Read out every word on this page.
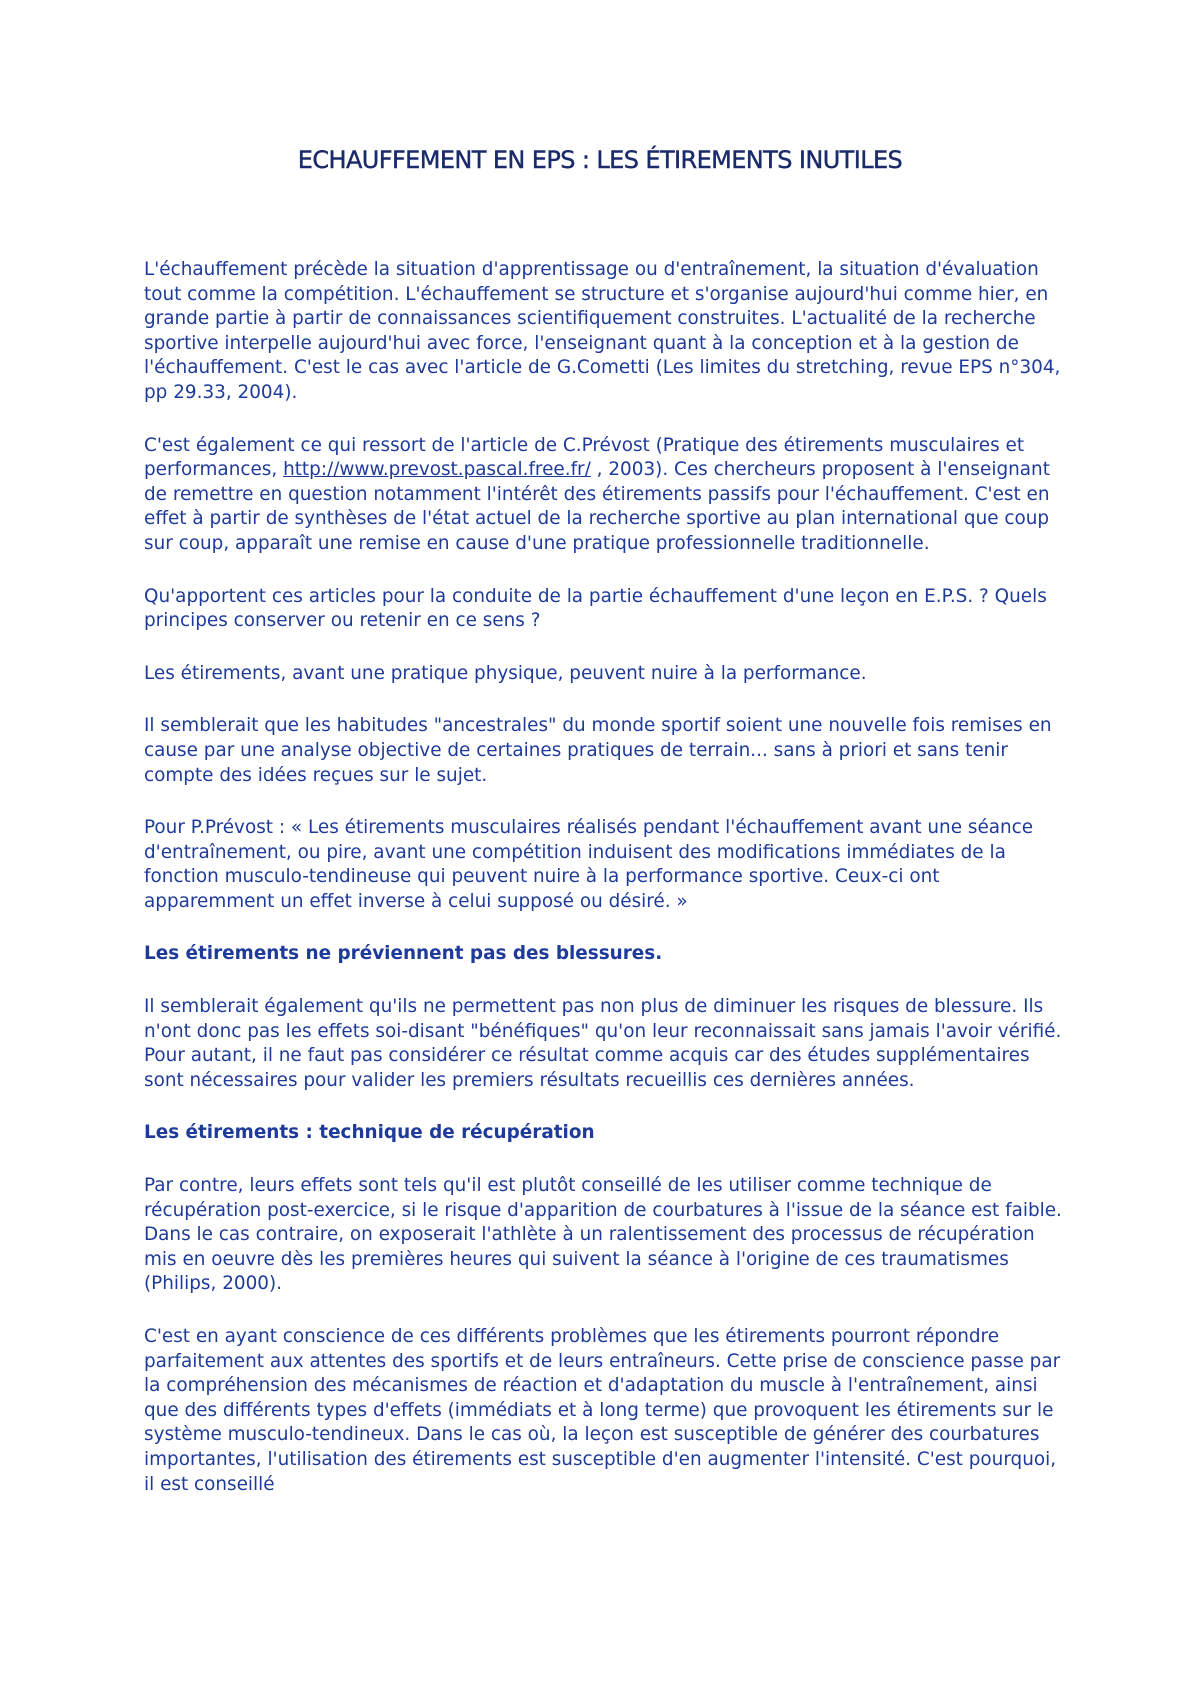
ECHAUFFEMENT EN EPS : LES ÉTIREMENTS INUTILES

L'échauffement précède la situation d'apprentissage ou d'entraînement, la situation d'évaluation tout comme la compétition. L'échauffement se structure et s'organise aujourd'hui comme hier, en grande partie à partir de connaissances scientifiquement construites. L'actualité de la recherche sportive interpelle aujourd'hui avec force, l'enseignant quant à la conception et à la gestion de l'échauffement. C'est le cas avec l'article de G.Cometti (Les limites du stretching, revue EPS n°304, pp 29.33, 2004).

C'est également ce qui ressort de l'article de C.Prévost (Pratique des étirements musculaires et performances, http://www.prevost.pascal.free.fr/ , 2003). Ces chercheurs proposent à l'enseignant de remettre en question notamment l'intérêt des étirements passifs pour l'échauffement. C'est en effet à partir de synthèses de l'état actuel de la recherche sportive au plan international que coup sur coup, apparaît une remise en cause d'une pratique professionnelle traditionnelle.

Qu'apportent ces articles pour la conduite de la partie échauffement d'une leçon en E.P.S. ? Quels principes conserver ou retenir en ce sens ?

Les étirements, avant une pratique physique, peuvent nuire à la performance.

Il semblerait que les habitudes "ancestrales" du monde sportif soient une nouvelle fois remises en cause par une analyse objective de certaines pratiques de terrain... sans à priori et sans tenir compte des idées reçues sur le sujet.

Pour P.Prévost : « Les étirements musculaires réalisés pendant l'échauffement avant une séance d'entraînement, ou pire, avant une compétition induisent des modifications immédiates de la fonction musculo-tendineuse qui peuvent nuire à la performance sportive. Ceux-ci ont apparemment un effet inverse à celui supposé ou désiré. »

Les étirements ne préviennent pas des blessures.

Il semblerait également qu'ils ne permettent pas non plus de diminuer les risques de blessure. Ils n'ont donc pas les effets soi-disant "bénéfiques" qu'on leur reconnaissait sans jamais l'avoir vérifié. Pour autant, il ne faut pas considérer ce résultat comme acquis car des études supplémentaires sont nécessaires pour valider les premiers résultats recueillis ces dernières années.

Les étirements : technique de récupération

Par contre, leurs effets sont tels qu'il est plutôt conseillé de les utiliser comme technique de récupération post-exercice, si le risque d'apparition de courbatures à l'issue de la séance est faible. Dans le cas contraire, on exposerait l'athlète à un ralentissement des processus de récupération mis en oeuvre dès les premières heures qui suivent la séance à l'origine de ces traumatismes (Philips, 2000).

C'est en ayant conscience de ces différents problèmes que les étirements pourront répondre parfaitement aux attentes des sportifs et de leurs entraîneurs. Cette prise de conscience passe par la compréhension des mécanismes de réaction et d'adaptation du muscle à l'entraînement, ainsi que des différents types d'effets (immédiats et à long terme) que provoquent les étirements sur le système musculo-tendineux. Dans le cas où, la leçon est susceptible de générer des courbatures importantes, l'utilisation des étirements est susceptible d'en augmenter l'intensité. C'est pourquoi, il est conseillé
